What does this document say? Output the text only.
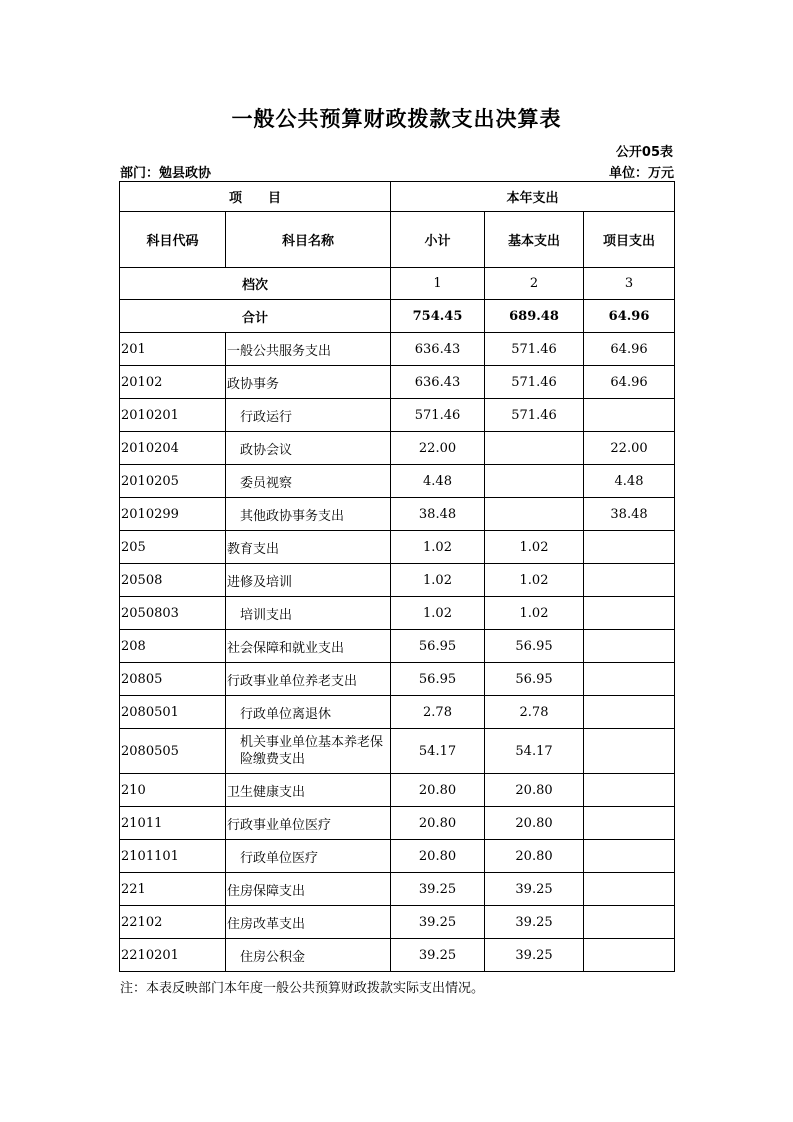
一般公共预算财政拨款支出决算表
公开05表
部门：勉县政协	单位：万元
项　　目		本年支出		
科目代码	科目名称	小计	基本支出	项目支出
档次		1	2	3
合计		754.45	689.48	64.96
201	一般公共服务支出	636.43	571.46	64.96
20102	政协事务	636.43	571.46	64.96
2010201	行政运行	571.46	571.46	
2010204	政协会议	22.00		22.00
2010205	委员视察	4.48		4.48
2010299	其他政协事务支出	38.48		38.48
205	教育支出	1.02	1.02	
20508	进修及培训	1.02	1.02	
2050803	培训支出	1.02	1.02	
208	社会保障和就业支出	56.95	56.95	
20805	行政事业单位养老支出	56.95	56.95	
2080501	行政单位离退休	2.78	2.78	
2080505	机关事业单位基本养老保险缴费支出	54.17	54.17	
210	卫生健康支出	20.80	20.80	
21011	行政事业单位医疗	20.80	20.80	
2101101	行政单位医疗	20.80	20.80	
221	住房保障支出	39.25	39.25	
22102	住房改革支出	39.25	39.25	
2210201	住房公积金	39.25	39.25	
注：本表反映部门本年度一般公共预算财政拨款实际支出情况。
